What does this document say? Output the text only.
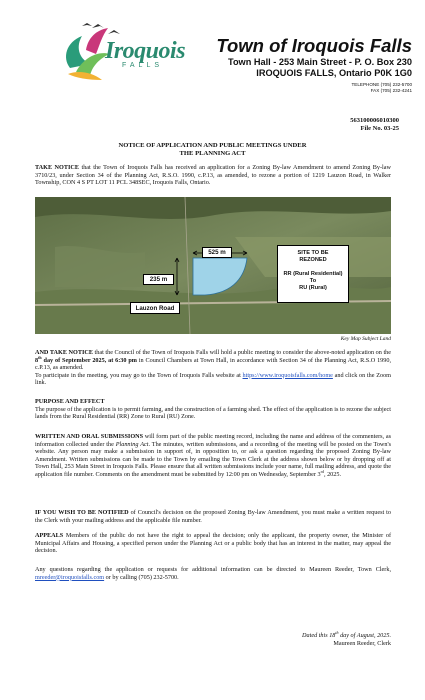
Iroquois
FALLS
Town of Iroquois Falls
Town Hall - 253 Main Street - P. O. Box 230
IROQUOIS FALLS, Ontario P0K 1G0
TELEPHONE (705) 232-5700
FAX (705) 232-4241
563100006010300
File No. 03-25
NOTICE OF APPLICATION AND PUBLIC MEETINGS UNDER
THE PLANNING ACT
TAKE NOTICE that the Town of Iroquois Falls has received an application for a Zoning By-law Amendment to amend Zoning By-law 3710/23, under Section 34 of the Planning Act, R.S.O. 1990, c.P.13, as amended, to rezone a portion of 1219 Lauzon Road, in Walker Township, CON 4 S PT LOT 11 PCL 348SEC, Iroquois Falls, Ontario.
525 m
235 m
Lauzon Road
SITE TO BE
REZONED
RR (Rural Residential)
To
RU (Rural)
Key Map Subject Land
AND TAKE NOTICE that the Council of the Town of Iroquois Falls will hold a public meeting to consider the above-noted application on the 8th day of September 2025, at 6:30 pm in Council Chambers at Town Hall, in accordance with Section 34 of the Planning Act, R.S.O 1990, c.P.13, as amended.
To participate in the meeting, you may go to the Town of Iroquois Falls website at https://www.iroquoisfalls.com/home and click on the Zoom link.
PURPOSE AND EFFECT
The purpose of the application is to permit farming, and the construction of a farming shed. The effect of the application is to rezone the subject lands from the Rural Residential (RR) Zone to Rural (RU) Zone.
WRITTEN AND ORAL SUBMISSIONS will form part of the public meeting record, including the name and address of the commenters, as information collected under the Planning Act. The minutes, written submissions, and a recording of the meeting will be posted on the Town's website. Any person may make a submission in support of, in opposition to, or ask a question regarding the proposed Zoning By-law Amendment. Written submissions can be made to the Town by emailing the Town Clerk at the address shown below or by dropping off at Town Hall, 253 Main Street in Iroquois Falls. Please ensure that all written submissions include your name, full mailing address, and quote the application file number. Comments on the amendment must be submitted by 12:00 pm on Wednesday, September 3rd, 2025.
IF YOU WISH TO BE NOTIFIED of Council's decision on the proposed Zoning By-law Amendment, you must make a written request to the Clerk with your mailing address and the applicable file number.
APPEALS Members of the public do not have the right to appeal the decision; only the applicant, the property owner, the Minister of Municipal Affairs and Housing, a specified person under the Planning Act or a public body that has an interest in the matter, may appeal the decision.
Any questions regarding the application or requests for additional information can be directed to Maureen Reeder, Town Clerk, mreeder@iroquoisfalls.com or by calling (705) 232-5700.
Dated this 18th day of August, 2025.
Maureen Reeder, Clerk
